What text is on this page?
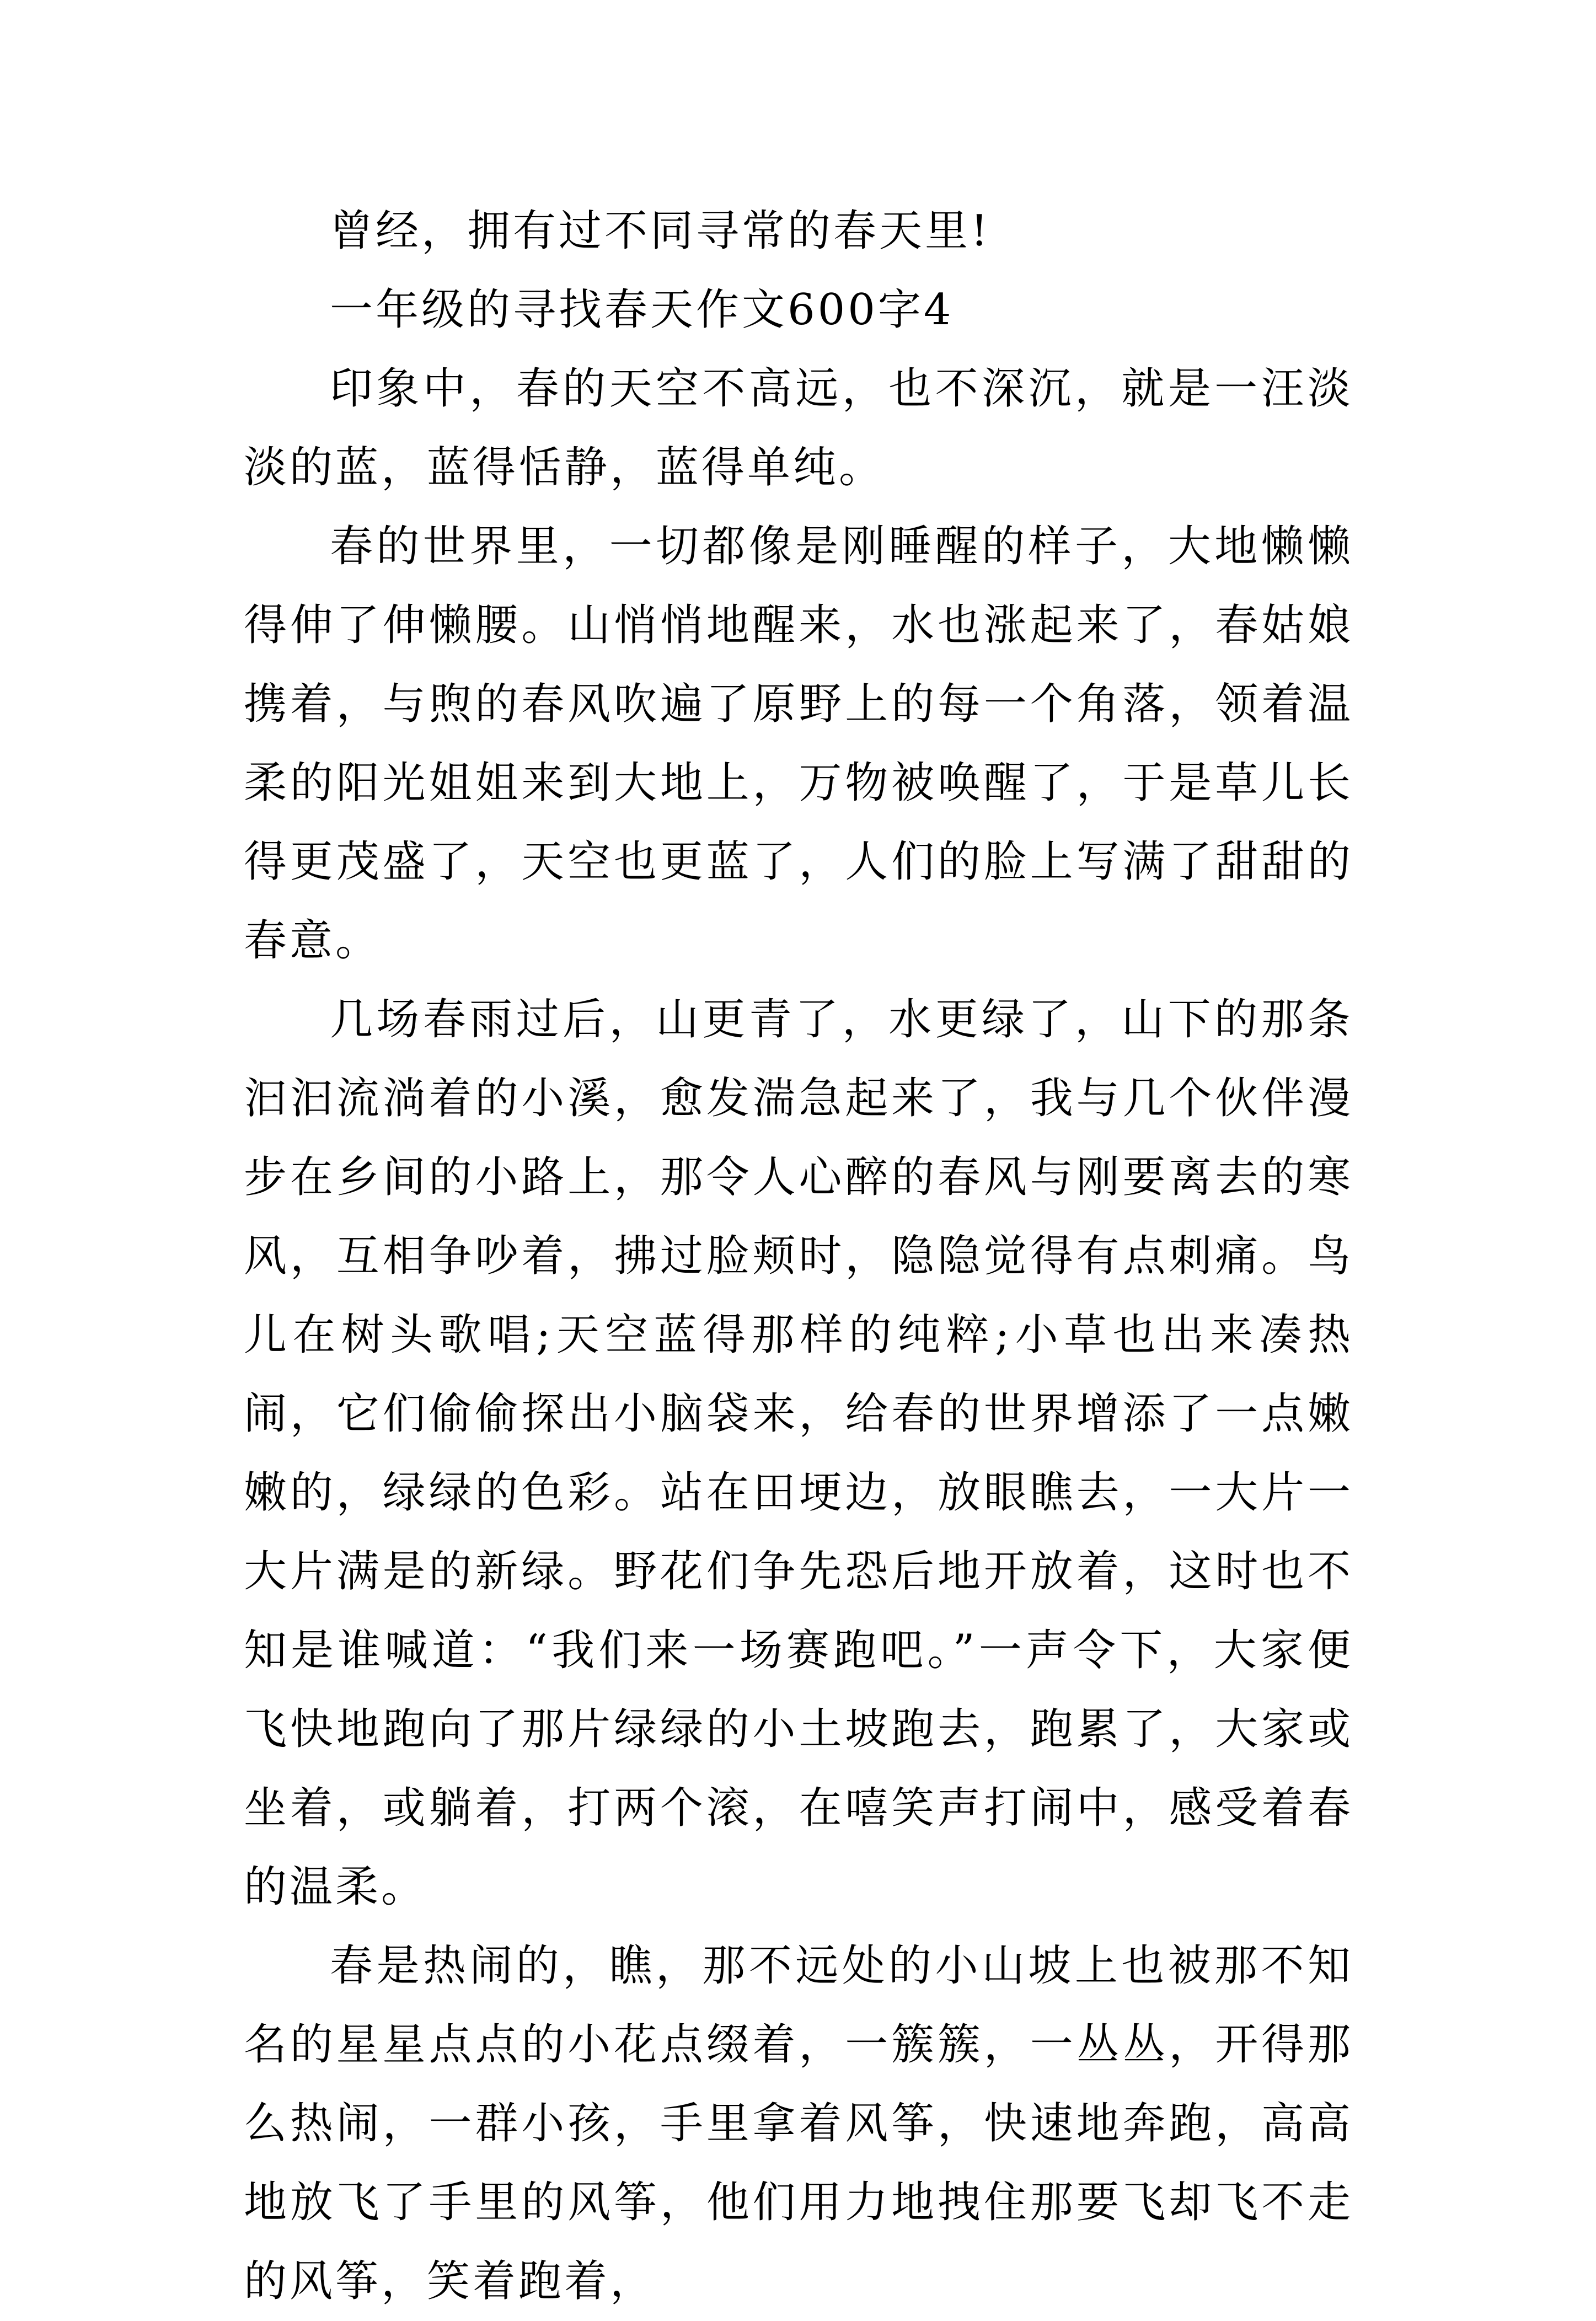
曾经，拥有过不同寻常的春天里!

一年级的寻找春天作文600字4

印象中，春的天空不高远，也不深沉，就是一汪淡淡的蓝，蓝得恬静，蓝得单纯。

春的世界里，一切都像是刚睡醒的样子，大地懒懒得伸了伸懒腰。山悄悄地醒来，水也涨起来了，春姑娘携着，与煦的春风吹遍了原野上的每一个角落，领着温柔的阳光姐姐来到大地上，万物被唤醒了，于是草儿长得更茂盛了，天空也更蓝了，人们的脸上写满了甜甜的春意。

几场春雨过后，山更青了，水更绿了，山下的那条汩汩流淌着的小溪，愈发湍急起来了，我与几个伙伴漫步在乡间的小路上，那令人心醉的春风与刚要离去的寒风，互相争吵着，拂过脸颊时，隐隐觉得有点刺痛。鸟儿在树头歌唱;天空蓝得那样的纯粹;小草也出来凑热闹，它们偷偷探出小脑袋来，给春的世界增添了一点嫩嫩的，绿绿的色彩。站在田埂边，放眼瞧去，一大片一大片满是的新绿。野花们争先恐后地开放着，这时也不知是谁喊道：“我们来一场赛跑吧。”一声令下，大家便飞快地跑向了那片绿绿的小土坡跑去，跑累了，大家或坐着，或躺着，打两个滚，在嘻笑声打闹中，感受着春的温柔。

春是热闹的，瞧，那不远处的小山坡上也被那不知名的星星点点的小花点缀着，一簇簇，一丛丛，开得那么热闹，一群小孩，手里拿着风筝，快速地奔跑，高高地放飞了手里的风筝，他们用力地拽住那要飞却飞不走的风筝，笑着跑着，
